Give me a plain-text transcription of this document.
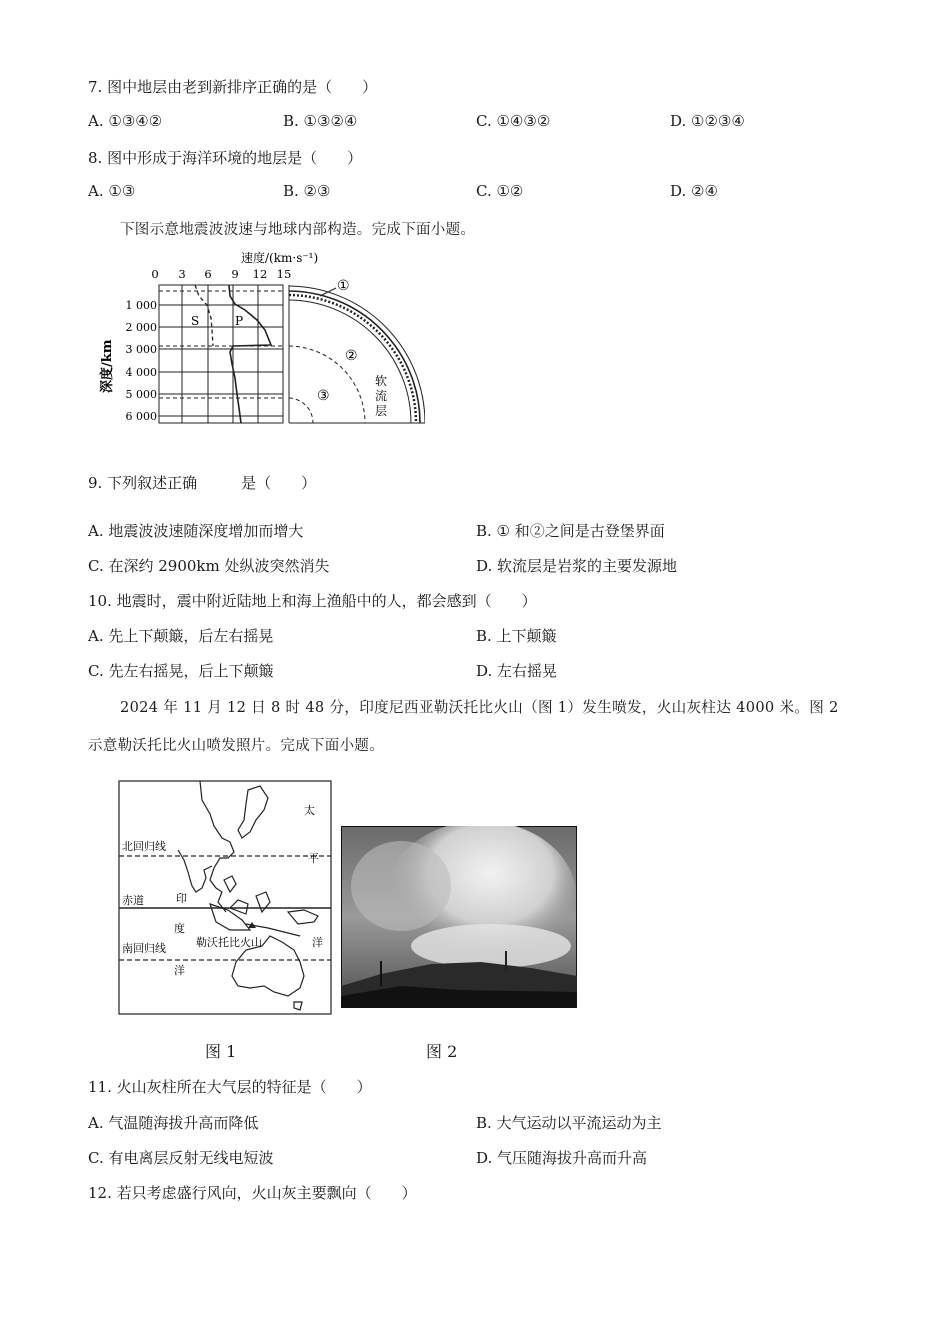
7. 图中地层由老到新排序正确的是（　　）
A. ①③④②	B. ①③②④	C. ①④③②	D. ①②③④
8. 图中形成于海洋环境的地层是（　　）
A. ①③	B. ②③	C. ①②	D. ②④
下图示意地震波波速与地球内部构造。完成下面小题。
速度/(km·s⁻¹)
0 3 6 9 12 15
1 000
2 000
3 000
4 000
5 000
6 000
深度/km
S	P
①
②
③
软
流
层
9. 下列叙述正确	是（　　）
A. 地震波波速随深度增加而增大	B. ① 和②之间是古登堡界面
C. 在深约 2900km 处纵波突然消失	D. 软流层是岩浆的主要发源地
10. 地震时，震中附近陆地上和海上渔船中的人，都会感到（　　）
A. 先上下颠簸，后左右摇晃	B. 上下颠簸
C. 先左右摇晃，后上下颠簸	D. 左右摇晃
2024 年 11 月 12 日 8 时 48 分，印度尼西亚勒沃托比火山（图 1）发生喷发，火山灰柱达 4000 米。图 2
示意勒沃托比火山喷发照片。完成下面小题。
北回归线
赤道
南回归线
太
平
印
度
洋
洋
勒沃托比火山
图 1	图 2
11. 火山灰柱所在大气层的特征是（　　）
A. 气温随海拔升高而降低	B. 大气运动以平流运动为主
C. 有电离层反射无线电短波	D. 气压随海拔升高而升高
12. 若只考虑盛行风向，火山灰主要飘向（　　）
